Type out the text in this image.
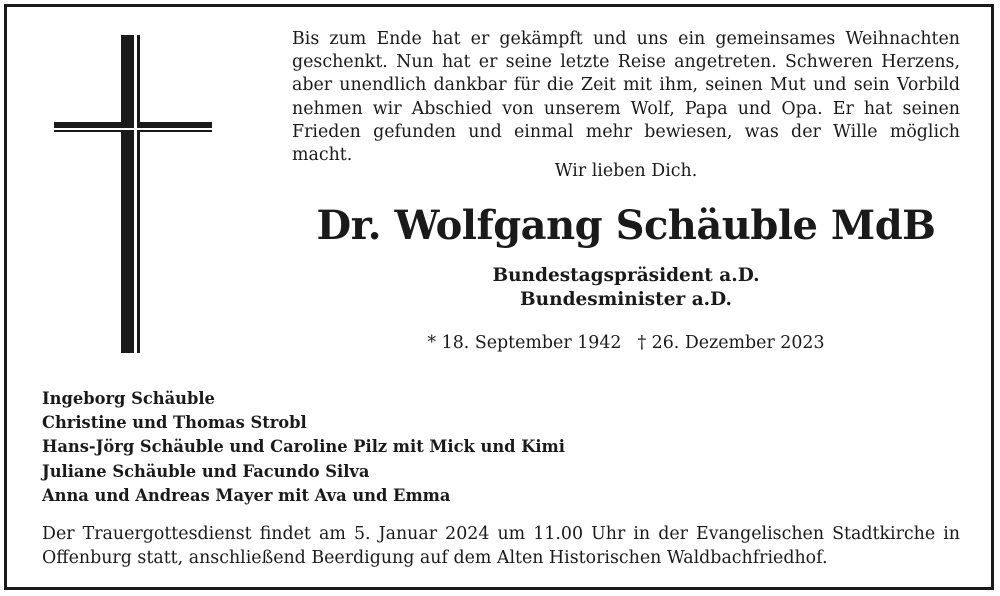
Bis zum Ende hat er gekämpft und uns ein gemeinsames Weihnachten
geschenkt. Nun hat er seine letzte Reise angetreten. Schweren Herzens,
aber unendlich dankbar für die Zeit mit ihm, seinen Mut und sein Vorbild
nehmen wir Abschied von unserem Wolf, Papa und Opa. Er hat seinen
Frieden gefunden und einmal mehr bewiesen, was der Wille möglich macht.

Wir lieben Dich.
Dr. Wolfgang Schäuble MdB
Bundestagspräsident a.D.
Bundesminister a.D.
* 18. September 1942 † 26. Dezember 2023
Ingeborg Schäuble
Christine und Thomas Strobl
Hans-Jörg Schäuble und Caroline Pilz mit Mick und Kimi
Juliane Schäuble und Facundo Silva
Anna und Andreas Mayer mit Ava und Emma
Der Trauergottesdienst findet am 5. Januar 2024 um 11.00 Uhr in der Evangelischen Stadtkirche in
Offenburg statt, anschließend Beerdigung auf dem Alten Historischen Waldbachfriedhof.
